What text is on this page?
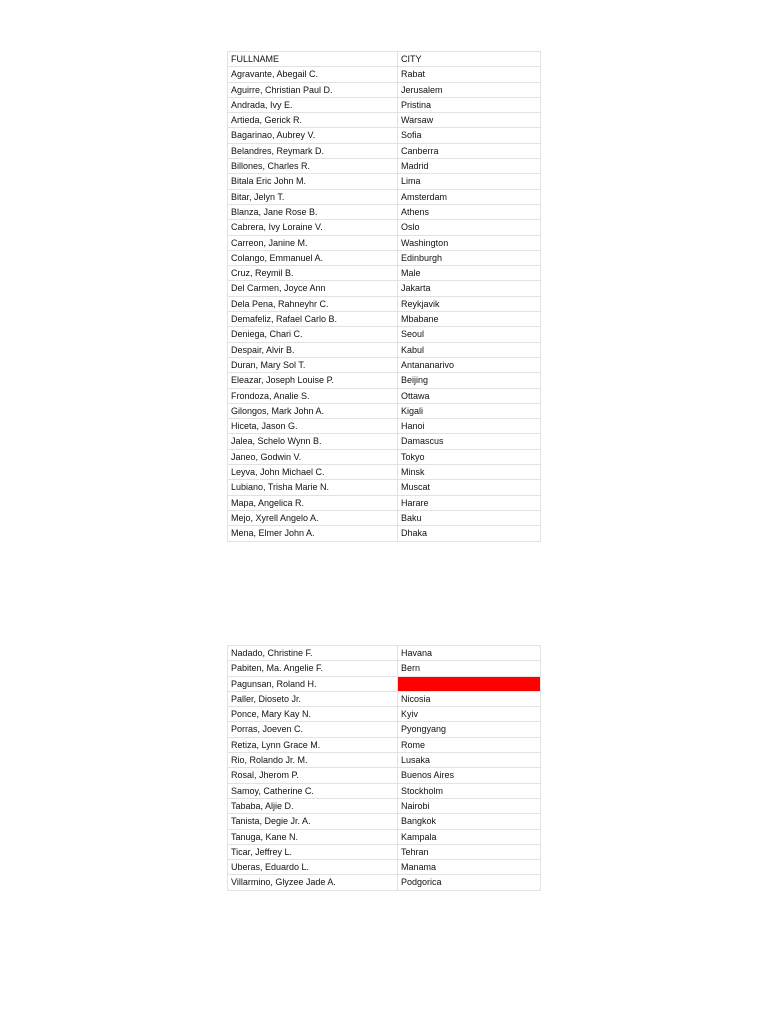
FULLNAME	CITY
Agravante, Abegail C.	Rabat
Aguirre, Christian Paul D.	Jerusalem
Andrada, Ivy E.	Pristina
Artieda, Gerick R.	Warsaw
Bagarinao, Aubrey V.	Sofia
Belandres, Reymark D.	Canberra
Billones, Charles R.	Madrid
Bitala Eric John M.	Lima
Bitar, Jelyn T.	Amsterdam
Blanza, Jane Rose B.	Athens
Cabrera, Ivy Loraine V.	Oslo
Carreon, Janine M.	Washington
Colango, Emmanuel A.	Edinburgh
Cruz, Reymil B.	Male
Del Carmen, Joyce Ann	Jakarta
Dela Pena, Rahneyhr C.	Reykjavik
Demafeliz, Rafael Carlo B.	Mbabane
Deniega, Chari C.	Seoul
Despair, Alvir B.	Kabul
Duran, Mary Sol T.	Antananarivo
Eleazar, Joseph Louise P.	Beijing
Frondoza, Analie S.	Ottawa
Gilongos, Mark John A.	Kigali
Hiceta, Jason G.	Hanoi
Jalea, Schelo Wynn B.	Damascus
Janeo, Godwin V.	Tokyo
Leyva, John Michael C.	Minsk
Lubiano, Trisha Marie N.	Muscat
Mapa, Angelica R.	Harare
Mejo, Xyrell Angelo A.	Baku
Mena, Elmer John A.	Dhaka
Nadado, Christine F.	Havana
Pabiten, Ma. Angelie F.	Bern
Pagunsan, Roland H.	
Paller, Dioseto Jr.	Nicosia
Ponce, Mary Kay N.	Kyiv
Porras, Joeven C.	Pyongyang
Retiza, Lynn Grace M.	Rome
Rio, Rolando Jr. M.	Lusaka
Rosal, Jherom P.	Buenos Aires
Samoy, Catherine C.	Stockholm
Tababa, Aljie D.	Nairobi
Tanista, Degie Jr. A.	Bangkok
Tanuga, Kane N.	Kampala
Ticar, Jeffrey L.	Tehran
Uberas, Eduardo L.	Manama
Villarmino, Glyzee Jade A.	Podgorica
